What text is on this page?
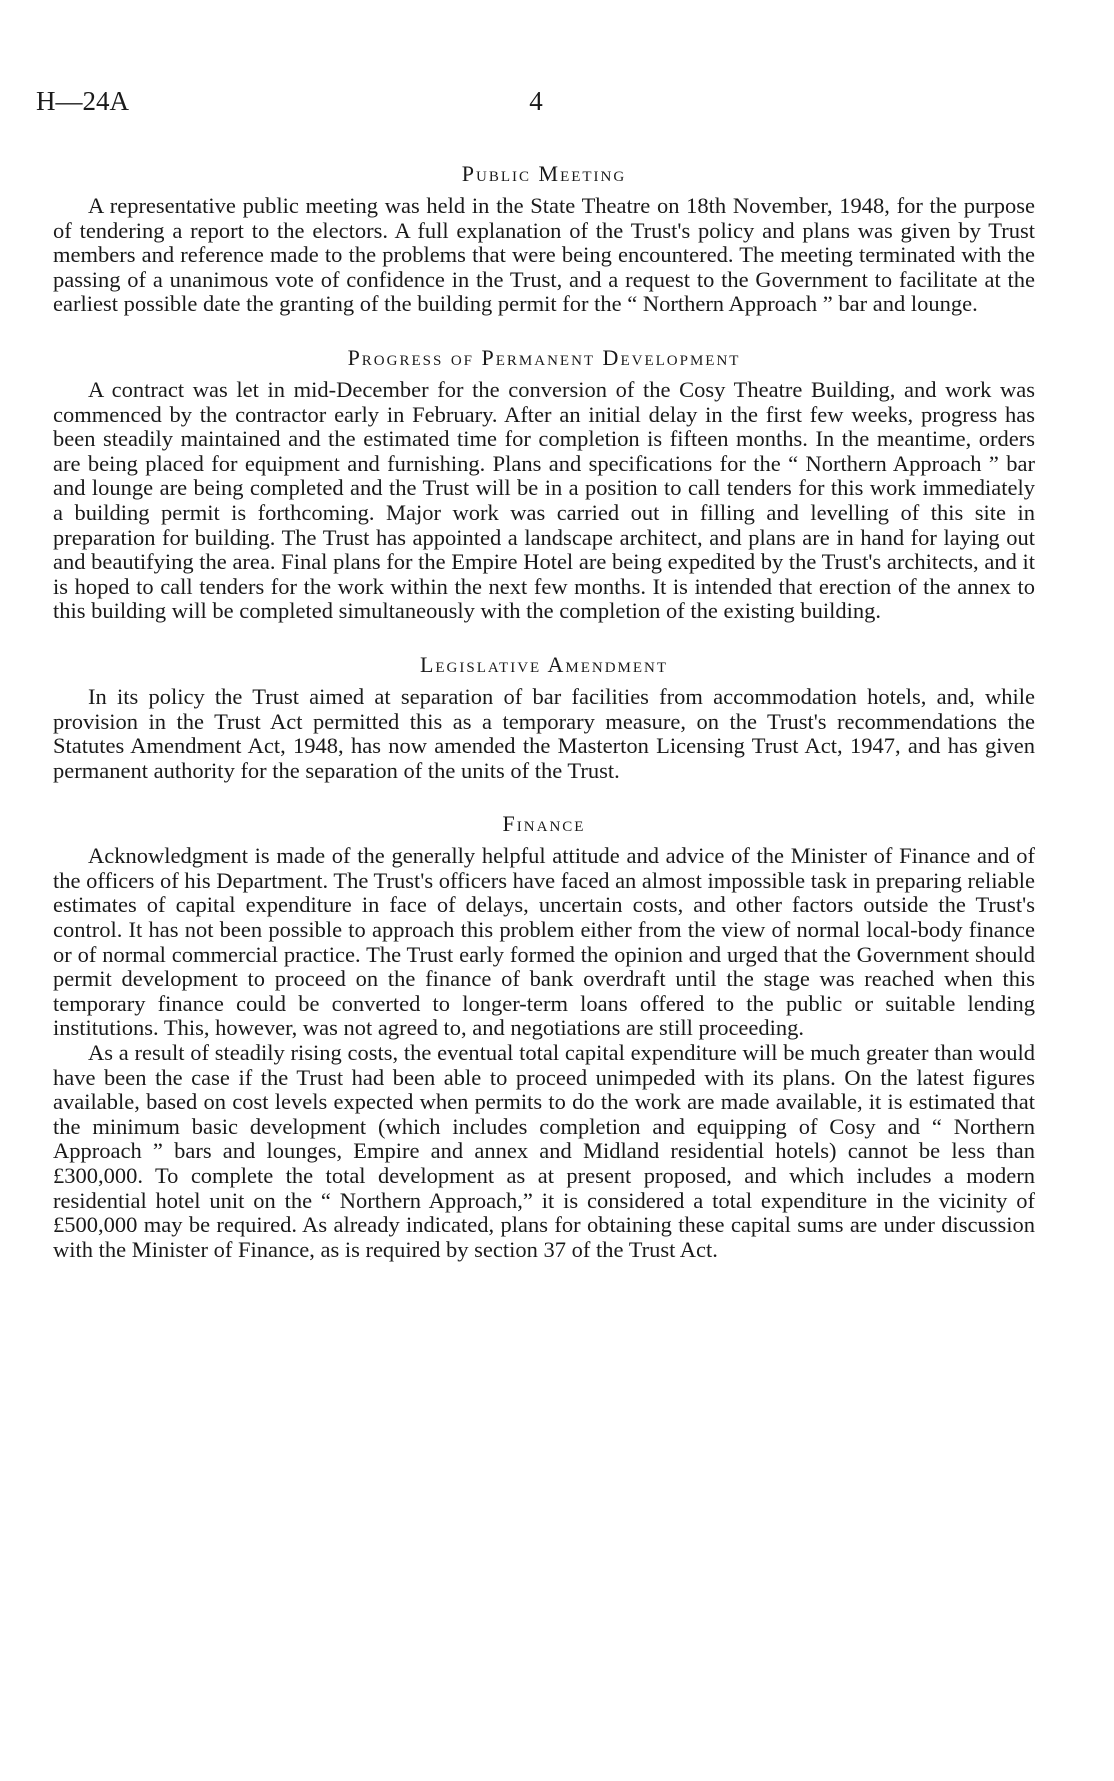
H—24A	4
Public Meeting

A representative public meeting was held in the State Theatre on 18th November, 1948, for the purpose of tendering a report to the electors. A full explanation of the Trust's policy and plans was given by Trust members and reference made to the problems that were being encountered. The meeting terminated with the passing of a unanimous vote of confidence in the Trust, and a request to the Government to facilitate at the earliest possible date the granting of the building permit for the “ Northern Approach ” bar and lounge.

Progress of Permanent Development

A contract was let in mid-December for the conversion of the Cosy Theatre Building, and work was commenced by the contractor early in February. After an initial delay in the first few weeks, progress has been steadily maintained and the estimated time for completion is fifteen months. In the meantime, orders are being placed for equipment and furnishing. Plans and specifications for the “ Northern Approach ” bar and lounge are being completed and the Trust will be in a position to call tenders for this work immediately a building permit is forthcoming. Major work was carried out in filling and levelling of this site in preparation for building. The Trust has appointed a landscape architect, and plans are in hand for laying out and beautifying the area. Final plans for the Empire Hotel are being expedited by the Trust's architects, and it is hoped to call tenders for the work within the next few months. It is intended that erection of the annex to this building will be completed simultaneously with the completion of the existing building.

Legislative Amendment

In its policy the Trust aimed at separation of bar facilities from accommodation hotels, and, while provision in the Trust Act permitted this as a temporary measure, on the Trust's recommendations the Statutes Amendment Act, 1948, has now amended the Masterton Licensing Trust Act, 1947, and has given permanent authority for the separation of the units of the Trust.

Finance

Acknowledgment is made of the generally helpful attitude and advice of the Minister of Finance and of the officers of his Department. The Trust's officers have faced an almost impossible task in preparing reliable estimates of capital expenditure in face of delays, uncertain costs, and other factors outside the Trust's control. It has not been possible to approach this problem either from the view of normal local-body finance or of normal commercial practice. The Trust early formed the opinion and urged that the Government should permit development to proceed on the finance of bank overdraft until the stage was reached when this temporary finance could be converted to longer-term loans offered to the public or suitable lending institutions. This, however, was not agreed to, and negotiations are still proceeding.

As a result of steadily rising costs, the eventual total capital expenditure will be much greater than would have been the case if the Trust had been able to proceed unimpeded with its plans. On the latest figures available, based on cost levels expected when permits to do the work are made available, it is estimated that the minimum basic development (which includes completion and equipping of Cosy and “ Northern Approach ” bars and lounges, Empire and annex and Midland residential hotels) cannot be less than £300,000. To complete the total development as at present proposed, and which includes a modern residential hotel unit on the “ Northern Approach,” it is considered a total expenditure in the vicinity of £500,000 may be required. As already indicated, plans for obtaining these capital sums are under discussion with the Minister of Finance, as is required by section 37 of the Trust Act.
